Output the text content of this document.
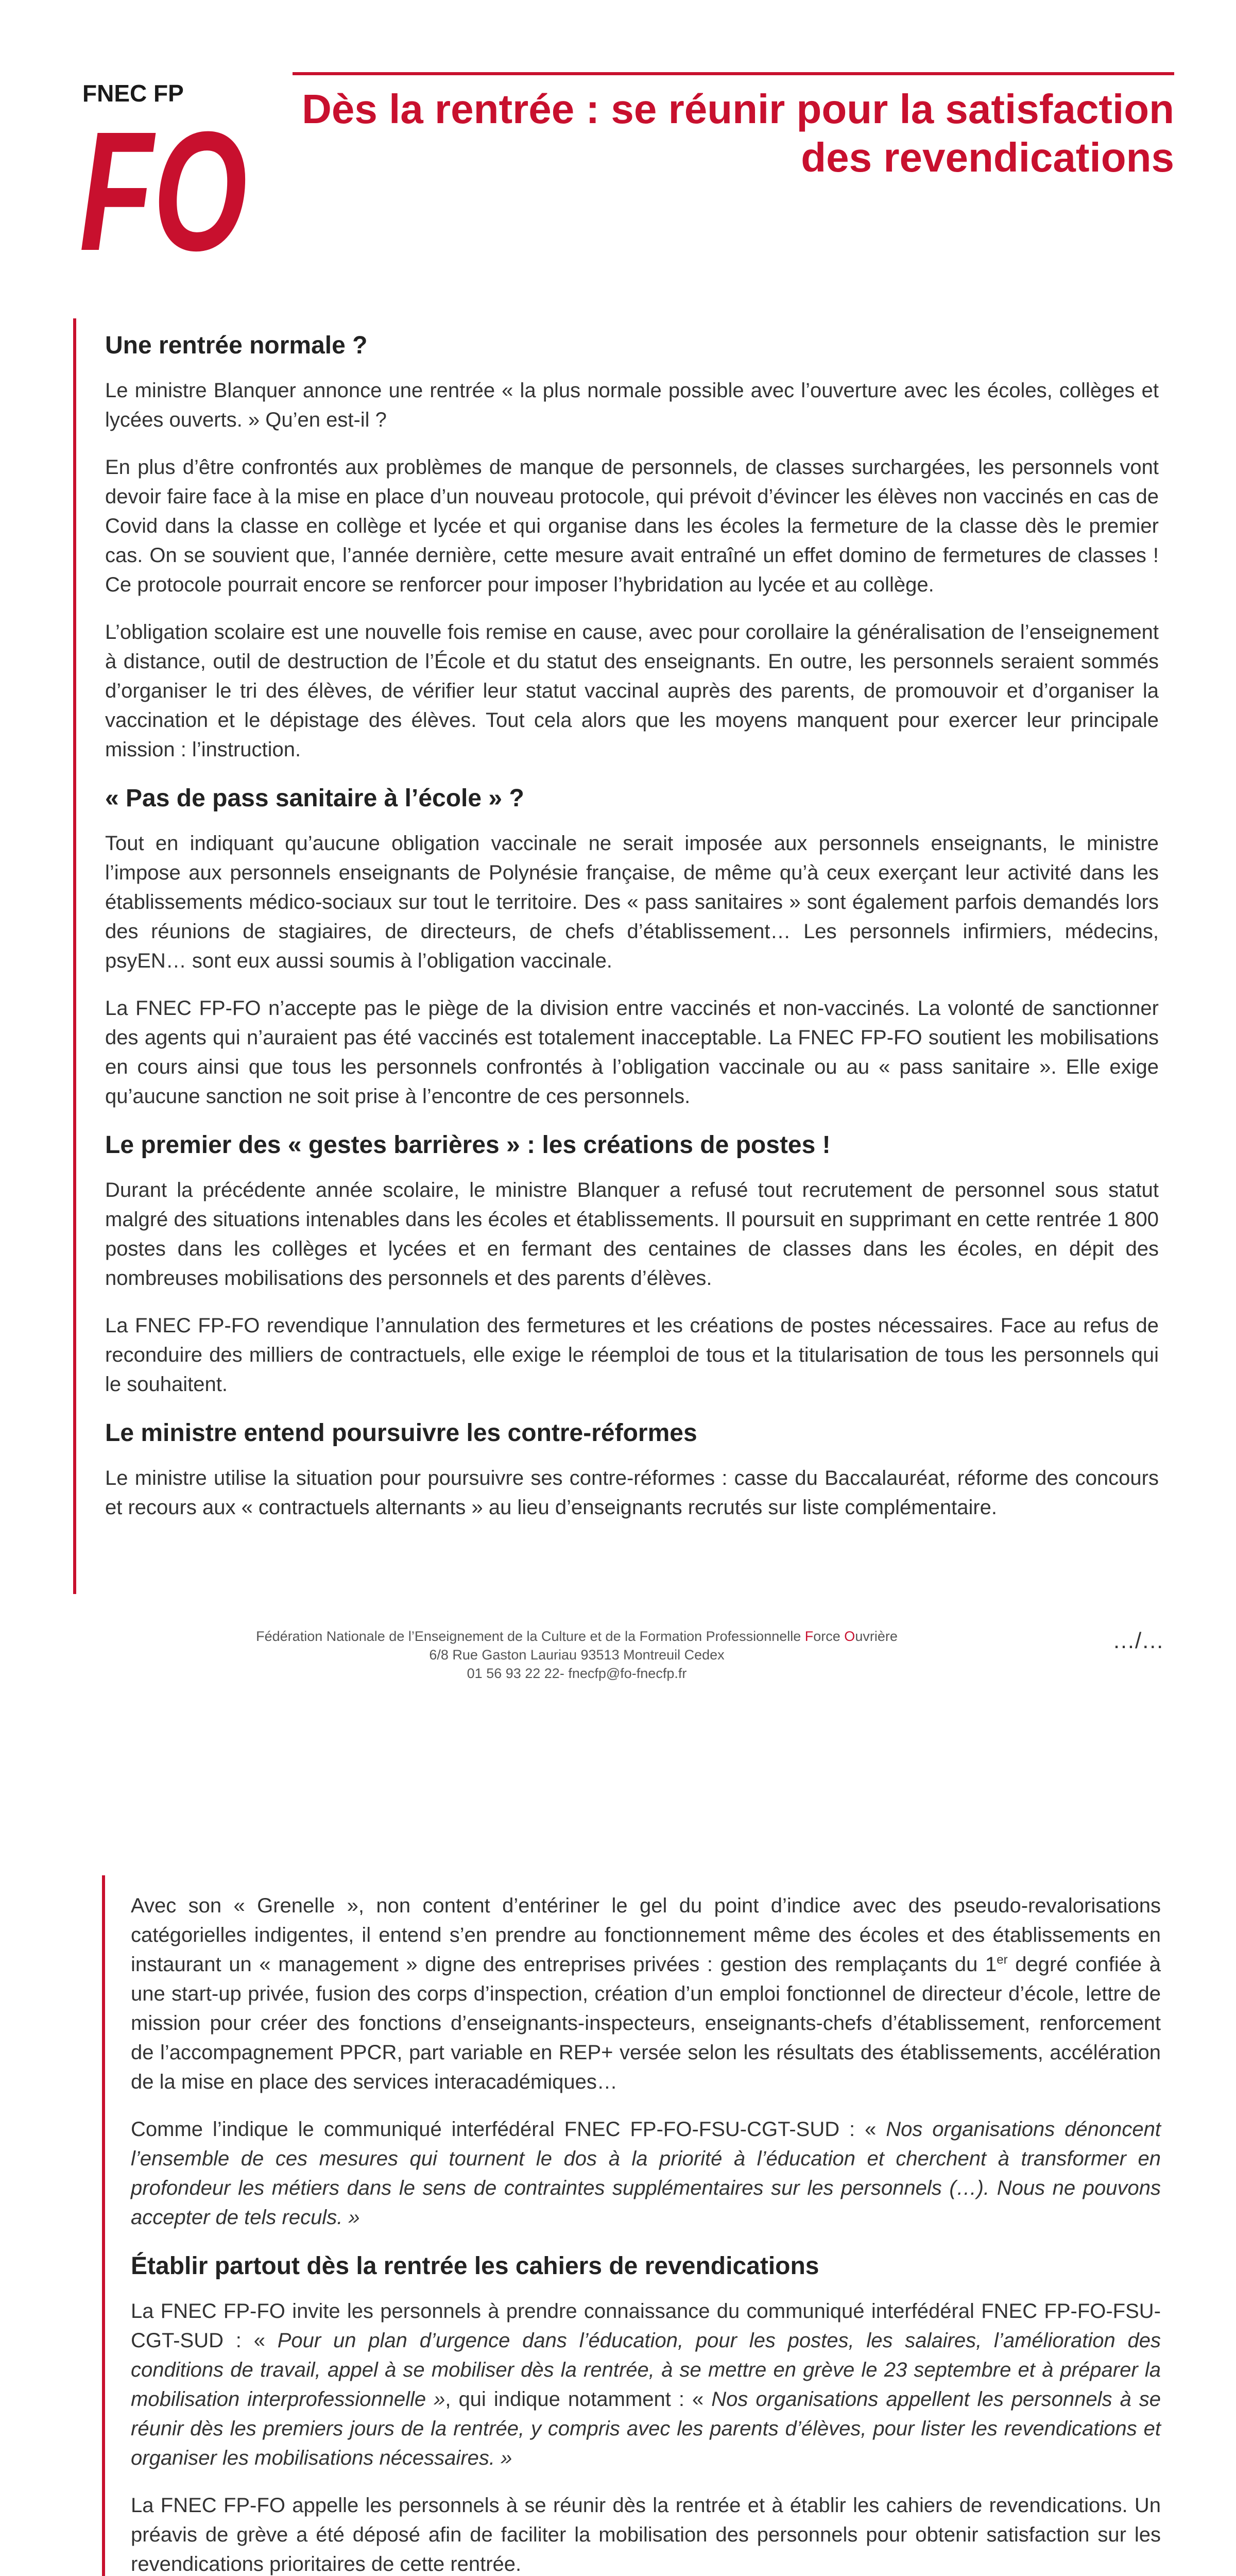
FNEC FP
FO	Dès la rentrée : se réunir pour la satisfaction
des revendications
Une rentrée normale ?

Le ministre Blanquer annonce une rentrée « la plus normale possible avec l’ouverture avec les écoles, collèges et lycées ouverts. » Qu’en est-il ?

En plus d’être confrontés aux problèmes de manque de personnels, de classes surchargées, les personnels vont devoir faire face à la mise en place d’un nouveau protocole, qui prévoit d’évincer les élèves non vaccinés en cas de Covid dans la classe en collège et lycée et qui organise dans les écoles la fermeture de la classe dès le premier cas. On se souvient que, l’année dernière, cette mesure avait entraîné un effet domino de fermetures de classes ! Ce protocole pourrait encore se renforcer pour imposer l’hybridation au lycée et au collège.

L’obligation scolaire est une nouvelle fois remise en cause, avec pour corollaire la généralisation de l’enseignement à distance, outil de destruction de l’École et du statut des enseignants. En outre, les personnels seraient sommés d’organiser le tri des élèves, de vérifier leur statut vaccinal auprès des parents, de promouvoir et d’organiser la vaccination et le dépistage des élèves. Tout cela alors que les moyens manquent pour exercer leur principale mission : l’instruction.

« Pas de pass sanitaire à l’école » ?

Tout en indiquant qu’aucune obligation vaccinale ne serait imposée aux personnels enseignants, le ministre l’impose aux personnels enseignants de Polynésie française, de même qu’à ceux exerçant leur activité dans les établissements médico-sociaux sur tout le territoire. Des « pass sanitaires » sont également parfois demandés lors des réunions de stagiaires, de directeurs, de chefs d’établissement… Les personnels infirmiers, médecins, psyEN… sont eux aussi soumis à l’obligation vaccinale.

La FNEC FP-FO n’accepte pas le piège de la division entre vaccinés et non-vaccinés. La volonté de sanctionner des agents qui n’auraient pas été vaccinés est totalement inacceptable. La FNEC FP-FO soutient les mobilisations en cours ainsi que tous les personnels confrontés à l’obligation vaccinale ou au « pass sanitaire ». Elle exige qu’aucune sanction ne soit prise à l’encontre de ces personnels.

Le premier des « gestes barrières » : les créations de postes !

Durant la précédente année scolaire, le ministre Blanquer a refusé tout recrutement de personnel sous statut malgré des situations intenables dans les écoles et établissements. Il poursuit en supprimant en cette rentrée 1 800 postes dans les collèges et lycées et en fermant des centaines de classes dans les écoles, en dépit des nombreuses mobilisations des personnels et des parents d’élèves.

La FNEC FP-FO revendique l’annulation des fermetures et les créations de postes nécessaires. Face au refus de reconduire des milliers de contractuels, elle exige le réemploi de tous et la titularisation de tous les personnels qui le souhaitent.

Le ministre entend poursuivre les contre-réformes

Le ministre utilise la situation pour poursuivre ses contre-réformes : casse du Baccalauréat, réforme des concours et recours aux « contractuels alternants » au lieu d’enseignants recrutés sur liste complémentaire.

Fédération Nationale de l’Enseignement de la Culture et de la Formation Professionnelle Force Ouvrière
6/8 Rue Gaston Lauriau 93513 Montreuil Cedex
01 56 93 22 22- fnecfp@fo-fnecfp.fr
…/…

Avec son « Grenelle », non content d’entériner le gel du point d’indice avec des pseudo-revalorisations catégorielles indigentes, il entend s’en prendre au fonctionnement même des écoles et des établissements en instaurant un « management » digne des entreprises privées : gestion des remplaçants du 1er degré confiée à une start-up privée, fusion des corps d’inspection, création d’un emploi fonctionnel de directeur d’école, lettre de mission pour créer des fonctions d’enseignants-inspecteurs, enseignants-chefs d’établissement, renforcement de l’accompagnement PPCR, part variable en REP+ versée selon les résultats des établissements, accélération de la mise en place des services interacadémiques…

Comme l’indique le communiqué interfédéral FNEC FP-FO-FSU-CGT-SUD : « Nos organisations dénoncent l’ensemble de ces mesures qui tournent le dos à la priorité à l’éducation et cherchent à transformer en profondeur les métiers dans le sens de contraintes supplémentaires sur les personnels (…). Nous ne pouvons accepter de tels reculs. »

Établir partout dès la rentrée les cahiers de revendications

La FNEC FP-FO invite les personnels à prendre connaissance du communiqué interfédéral FNEC FP-FO-FSU-CGT-SUD : « Pour un plan d’urgence dans l’éducation, pour les postes, les salaires, l’amélioration des conditions de travail, appel à se mobiliser dès la rentrée, à se mettre en grève le 23 septembre et à préparer la mobilisation interprofessionnelle », qui indique notamment : « Nos organisations appellent les personnels à se réunir dès les premiers jours de la rentrée, y compris avec les parents d’élèves, pour lister les revendications et organiser les mobilisations nécessaires. »

La FNEC FP-FO appelle les personnels à se réunir dès la rentrée et à établir les cahiers de revendications. Un préavis de grève a été déposé afin de faciliter la mobilisation des personnels pour obtenir satisfaction sur les revendications prioritaires de cette rentrée.
